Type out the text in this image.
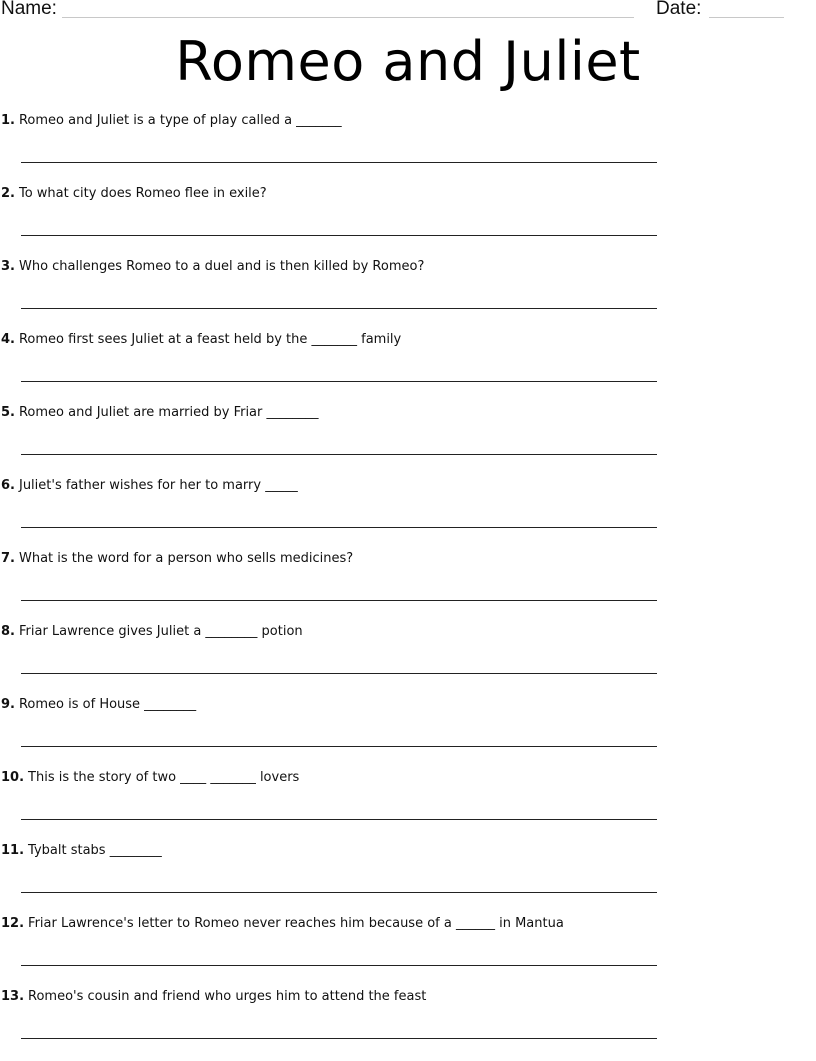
Name:	Date:
Romeo and Juliet
1. Romeo and Juliet is a type of play called a _______
2. To what city does Romeo flee in exile?
3. Who challenges Romeo to a duel and is then killed by Romeo?
4. Romeo first sees Juliet at a feast held by the _______ family
5. Romeo and Juliet are married by Friar ________
6. Juliet's father wishes for her to marry _____
7. What is the word for a person who sells medicines?
8. Friar Lawrence gives Juliet a ________ potion
9. Romeo is of House ________
10. This is the story of two ____ _______ lovers
11. Tybalt stabs ________
12. Friar Lawrence's letter to Romeo never reaches him because of a ______ in Mantua
13. Romeo's cousin and friend who urges him to attend the feast
